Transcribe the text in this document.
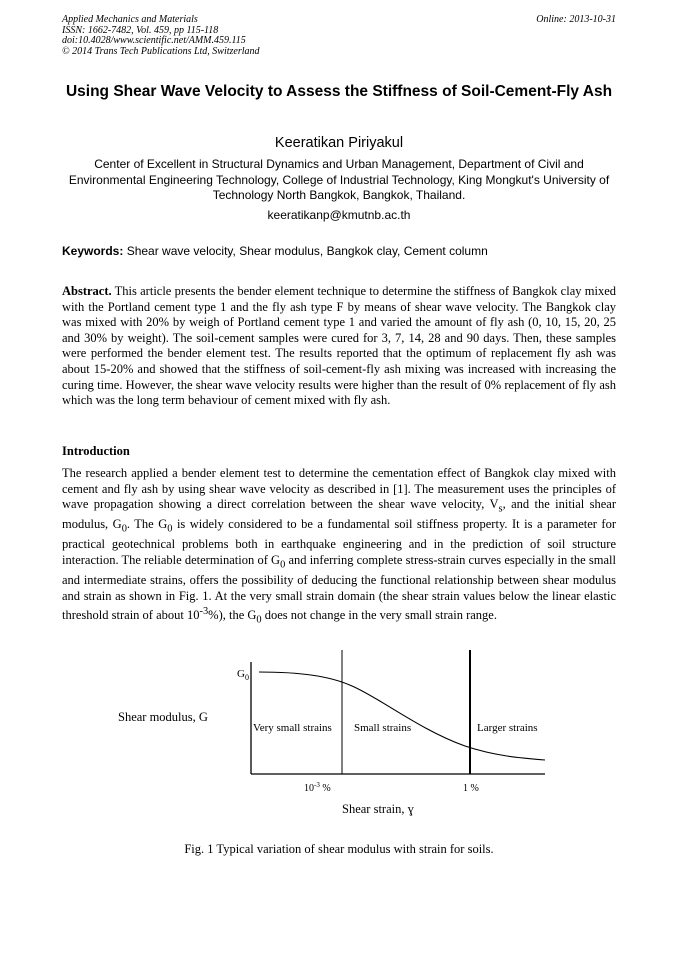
Applied Mechanics and Materials
ISSN: 1662-7482, Vol. 459, pp 115-118
doi:10.4028/www.scientific.net/AMM.459.115
© 2014 Trans Tech Publications Ltd, Switzerland
Online: 2013-10-31
Using Shear Wave Velocity to Assess the Stiffness of Soil-Cement-Fly Ash
Keeratikan Piriyakul
Center of Excellent in Structural Dynamics and Urban Management, Department of Civil and Environmental Engineering Technology, College of Industrial Technology, King Mongkut's University of Technology North Bangkok, Bangkok, Thailand.
keeratikanp@kmutnb.ac.th
Keywords: Shear wave velocity, Shear modulus, Bangkok clay, Cement column
Abstract. This article presents the bender element technique to determine the stiffness of Bangkok clay mixed with the Portland cement type 1 and the fly ash type F by means of shear wave velocity. The Bangkok clay was mixed with 20% by weigh of Portland cement type 1 and varied the amount of fly ash (0, 10, 15, 20, 25 and 30% by weight). The soil-cement samples were cured for 3, 7, 14, 28 and 90 days. Then, these samples were performed the bender element test. The results reported that the optimum of replacement fly ash was about 15-20% and showed that the stiffness of soil-cement-fly ash mixing was increased with increasing the curing time. However, the shear wave velocity results were higher than the result of 0% replacement of fly ash which was the long term behaviour of cement mixed with fly ash.
Introduction
The research applied a bender element test to determine the cementation effect of Bangkok clay mixed with cement and fly ash by using shear wave velocity as described in [1]. The measurement uses the principles of wave propagation showing a direct correlation between the shear wave velocity, $V_s$, and the initial shear modulus, $G_0$. The $G_0$ is widely considered to be a fundamental soil stiffness property. It is a parameter for practical geotechnical problems both in earthquake engineering and in the prediction of soil structure interaction. The reliable determination of $G_0$ and inferring complete stress-strain curves especially in the small and intermediate strains, offers the possibility of deducing the functional relationship between shear modulus and strain as shown in Fig. 1. At the very small strain domain (the shear strain values below the linear elastic threshold strain of about $10^{-3}\%$), the $G_0$ does not change in the very small strain range.
$G_0$
Shear modulus, G
Very small strains Small strains	Larger strains
$10^{-3}$ %	1 %
Shear strain, ɣ
Fig. 1 Typical variation of shear modulus with strain for soils.
